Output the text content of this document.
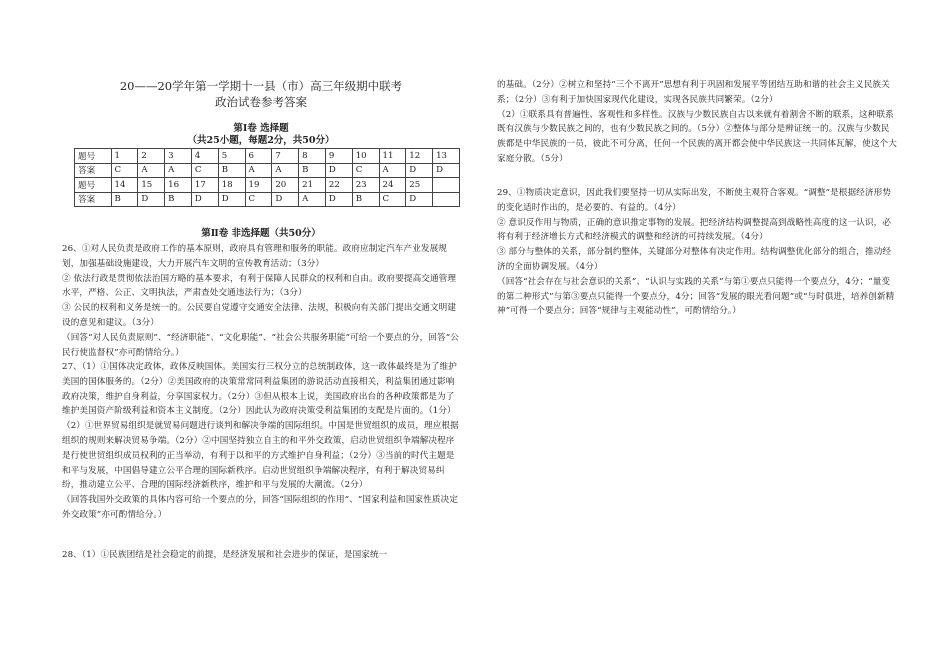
20——20学年第一学期十一县（市）高三年级期中联考
政治试卷参考答案
第Ⅰ卷 选择题
（共25小题，每题2分，共50分）
题号	1	2	3	4	5	6	7	8	9	10	11	12	13
答案	C	A	A	C	B	A	A	B	D	C	A	D	D
题号	14	15	16	17	18	19	20	21	22	23	24	25	
答案	B	D	B	D	D	C	D	A	D	B	C	D	
第Ⅱ卷 非选择题（共50分）

26、①对人民负责是政府工作的基本原则，政府具有管理和服务的职能。政府应制定汽车产业发展规划，加强基础设施建设，大力开展汽车文明的宣传教育活动；（3分）

② 依法行政是贯彻依法治国方略的基本要求，有利于保障人民群众的权利和自由。政府要提高交通管理水平，严格、公正、文明执法，严肃查处交通违法行为；（3分）

③ 公民的权利和义务是统一的。公民要自觉遵守交通安全法律、法规，积极向有关部门提出交通文明建设的意见和建议。（3分）

（回答“对人民负责原则”、“经济职能”、“文化职能”、“社会公共服务职能”可给一个要点的分，回答“公民行使监督权”亦可酌情给分。）

27、（1）①国体决定政体，政体反映国体。美国实行三权分立的总统制政体，这一政体最终是为了维护美国的国体服务的。（2分）②美国政府的决策常常同利益集团的游说活动直接相关，利益集团通过影响政府决策，维护自身利益，分享国家权力。（2分）③但从根本上说，美国政府出台的各种政策都是为了维护美国资产阶级利益和资本主义制度。（2分）因此认为政府决策受利益集团的支配是片面的。（1分）

（2）①世界贸易组织是就贸易问题进行谈判和解决争端的国际组织。中国是世贸组织的成员，理应根据组织的规则来解决贸易争端。（2分）②中国坚持独立自主的和平外交政策，启动世贸组织争端解决程序是行使世贸组织成员权利的正当举动，有利于以和平的方式维护自身利益；（2分）③当前的时代主题是和平与发展，中国倡导建立公平合理的国际新秩序。启动世贸组织争端解决程序，有利于解决贸易纠纷，推动建立公平、合理的国际经济新秩序，维护和平与发展的大潮流。（2分）

（回答我国外交政策的具体内容可给一个要点的分，回答“国际组织的作用”、“国家利益和国家性质决定外交政策”亦可酌情给分。）

28、（1）①民族团结是社会稳定的前提，是经济发展和社会进步的保证，是国家统一

的基础。（2分）②树立和坚持“三个不离开”思想有利于巩固和发展平等团结互助和谐的社会主义民族关系；（2分）③有利于加快国家现代化建设，实现各民族共同繁荣。（2分）

（2）①联系具有普遍性、客观性和多样性。汉族与少数民族自古以来就有着割舍不断的联系，这种联系既有汉族与少数民族之间的，也有少数民族之间的。（5分）②整体与部分是辨证统一的。汉族与少数民族都是中华民族的一员，彼此不可分离，任何一个民族的离开都会使中华民族这一共同体瓦解，使这个大家庭分散。（5分）

29、①物质决定意识，因此我们要坚持一切从实际出发，不断使主观符合客观。“调整”是根据经济形势的变化适时作出的，是必要的、有益的。（4分）

② 意识反作用与物质，正确的意识推定事物的发展。把经济结构调整提高到战略性高度的这一认识，必将有利于经济增长方式和经济模式的调整和经济的可持续发展。（4分）

③ 部分与整体的关系，部分制约整体，关键部分对整体有决定作用。结构调整优化部分的组合，推动经济的全面协调发展。（4分）

（回答“社会存在与社会意识的关系”、“认识与实践的关系”与第①要点只能得一个要点分，4分；“量变的第二种形式”与第③要点只能得一个要点分，4分；回答“发展的眼光看问题”或“与时俱进，培养创新精神”可得一个要点分；回答“规律与主观能动性”，可酌情给分。）
